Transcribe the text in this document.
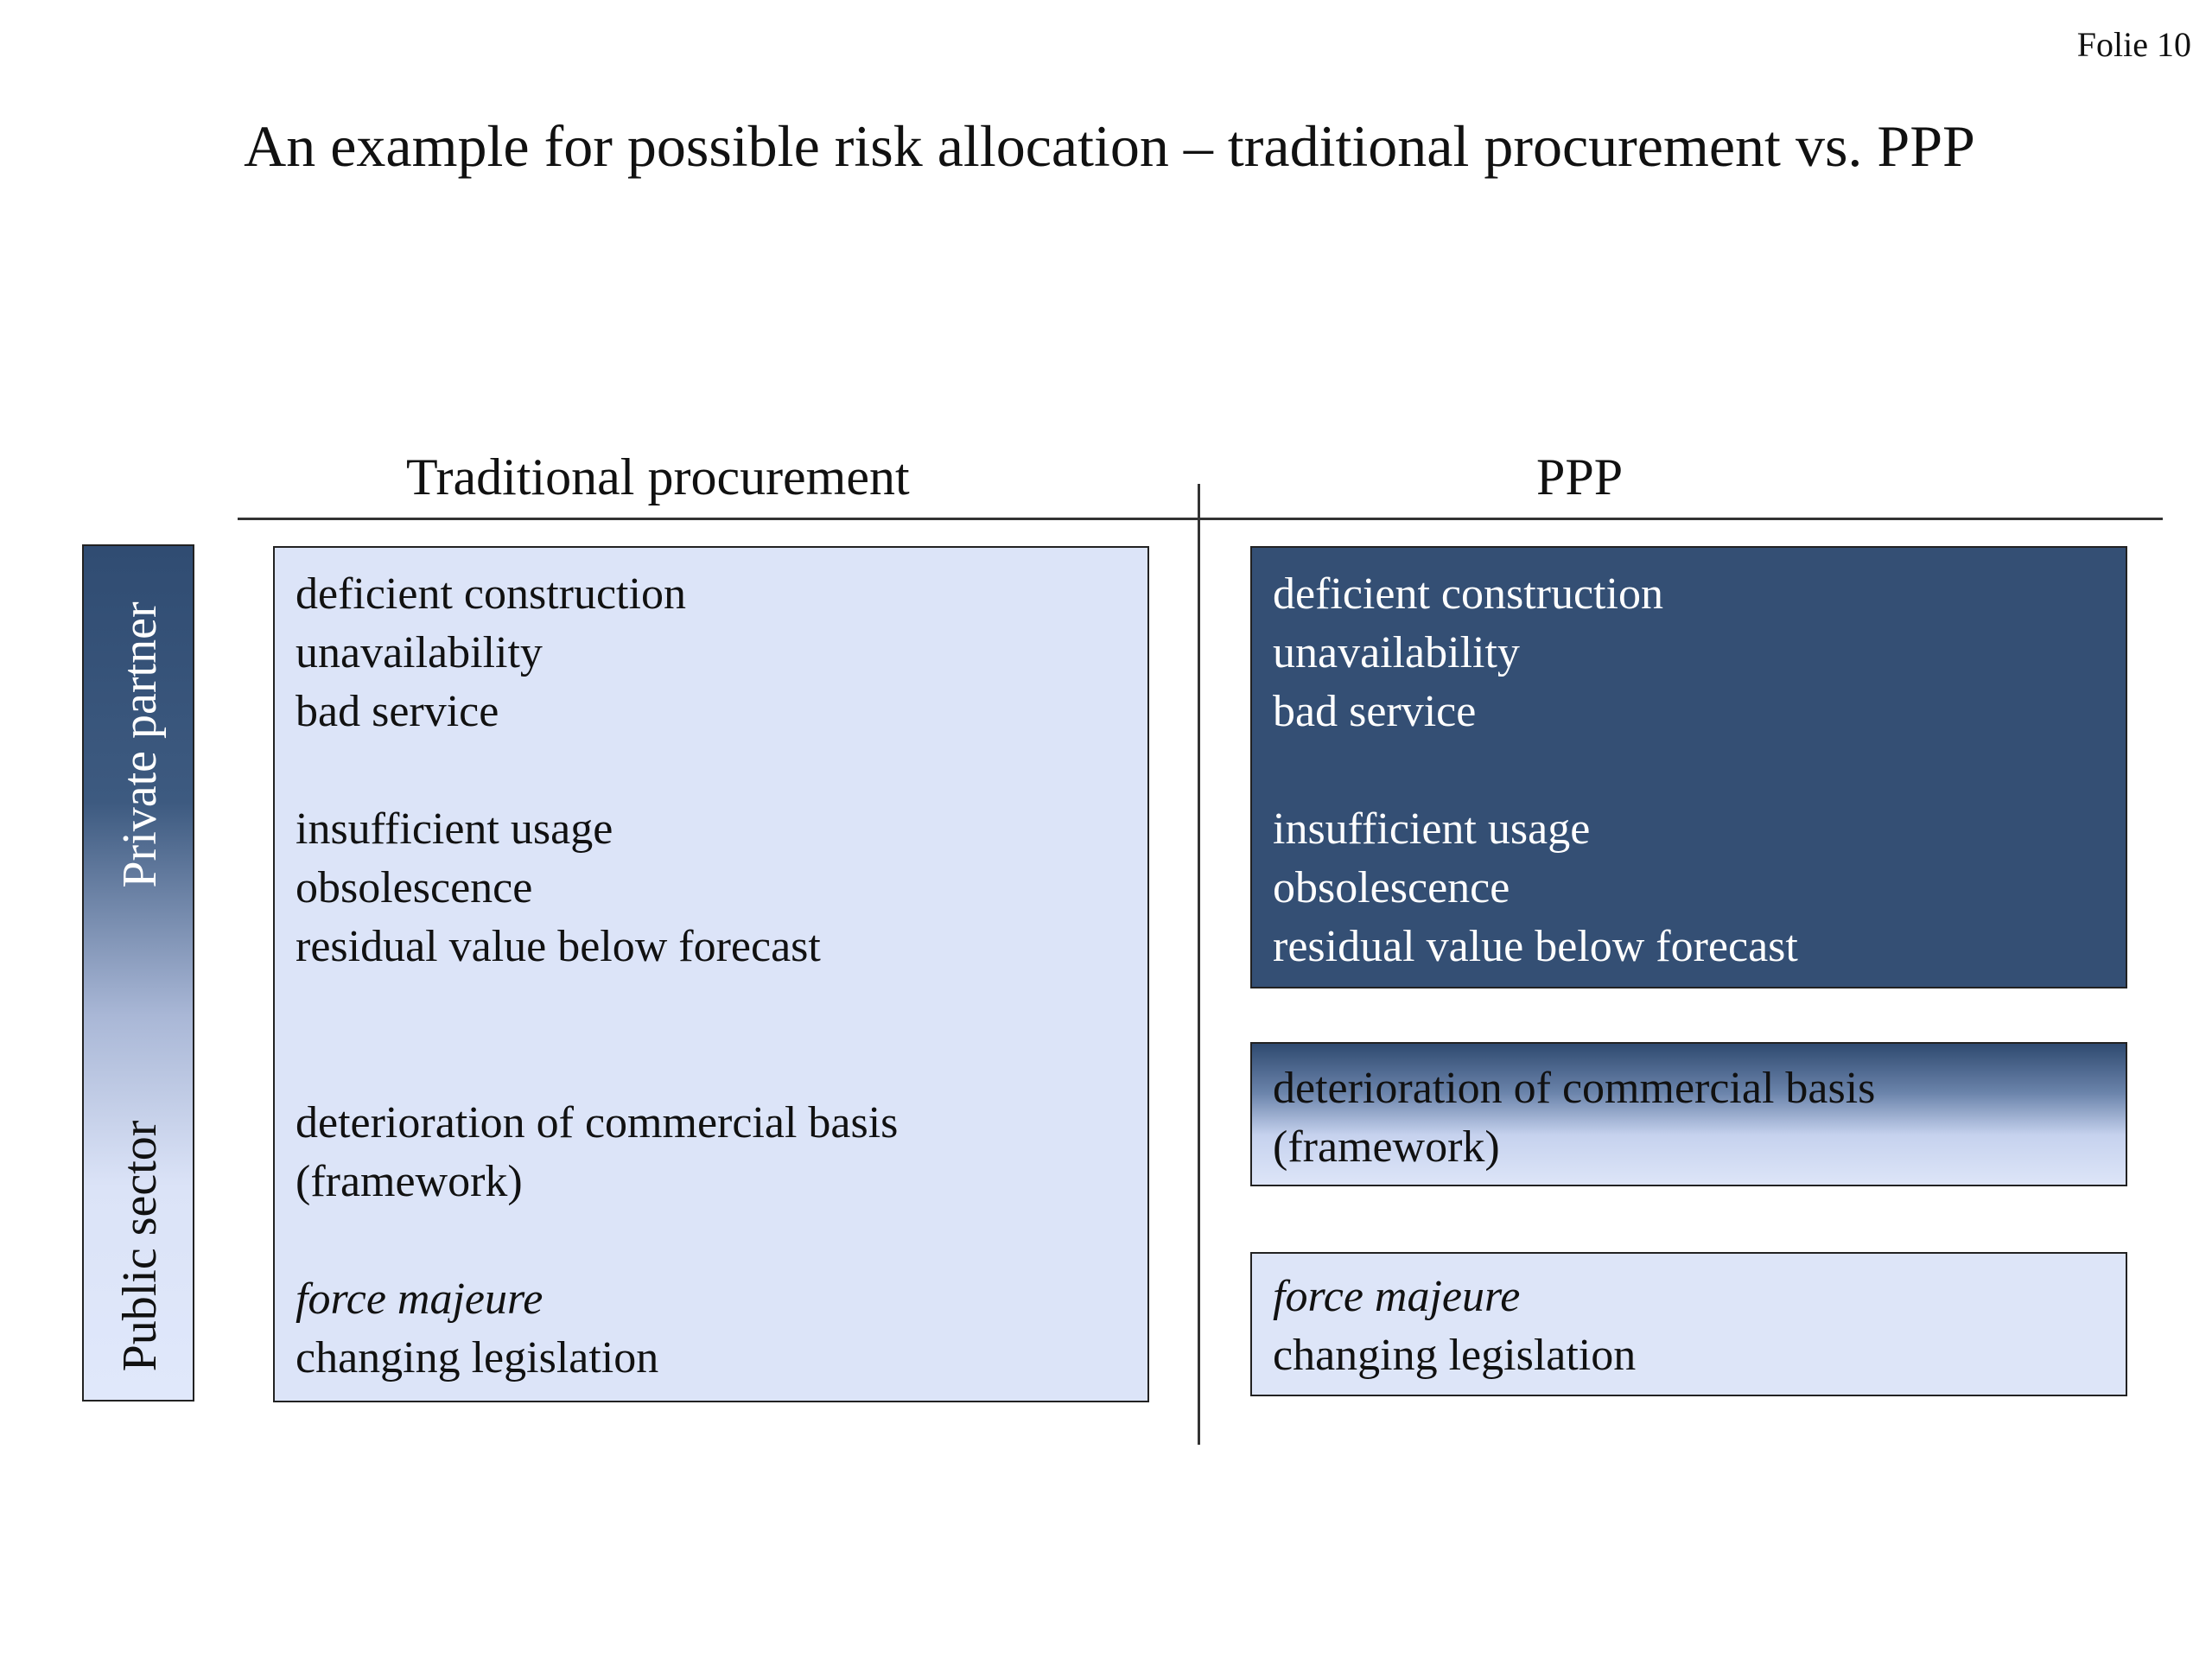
Folie 10
An example for possible risk allocation – traditional procurement vs. PPP
Traditional procurement	PPP
Private partner
Public sector
deficient construction
unavailability
bad service
insufficient usage
obsolescence
residual value below forecast
deterioration of commercial basis
(framework)
force majeure
changing legislation
deficient construction
unavailability
bad service
insufficient usage
obsolescence
residual value below forecast
deterioration of commercial basis
(framework)
force majeure
changing legislation
